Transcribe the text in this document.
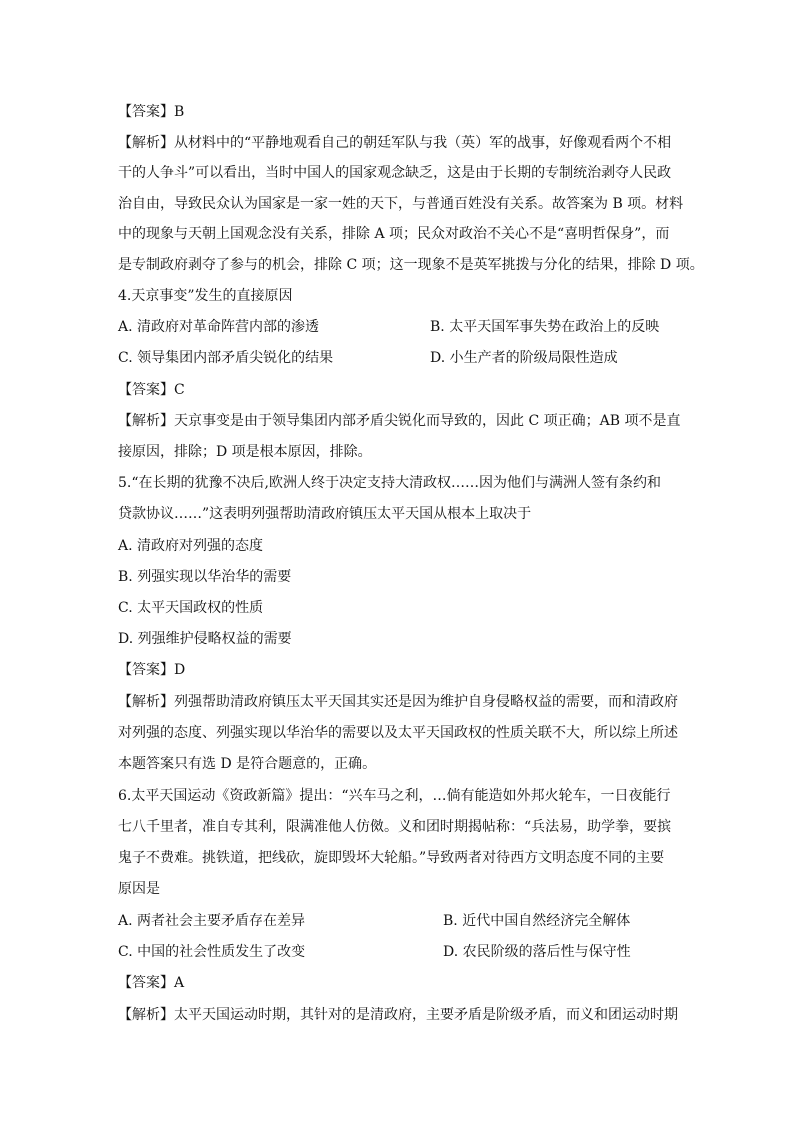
【答案】B
【解析】从材料中的“平静地观看自己的朝廷军队与我（英）军的战事，好像观看两个不相
干的人争斗”可以看出，当时中国人的国家观念缺乏，这是由于长期的专制统治剥夺人民政
治自由，导致民众认为国家是一家一姓的天下，与普通百姓没有关系。故答案为 B 项。材料
中的现象与天朝上国观念没有关系，排除 A 项；民众对政治不关心不是“喜明哲保身”，而
是专制政府剥夺了参与的机会，排除 C 项；这一现象不是英军挑拨与分化的结果，排除 D 项。
4.天京事变”发生的直接原因
A. 清政府对革命阵营内部的渗透	B. 太平天国军事失势在政治上的反映
C. 领导集团内部矛盾尖锐化的结果	D. 小生产者的阶级局限性造成
【答案】C
【解析】天京事变是由于领导集团内部矛盾尖锐化而导致的，因此 C 项正确；AB 项不是直
接原因，排除；D 项是根本原因，排除。
5.“在长期的犹豫不决后,欧洲人终于决定支持大清政权……因为他们与满洲人签有条约和
贷款协议……”这表明列强帮助清政府镇压太平天国从根本上取决于
A. 清政府对列强的态度
B. 列强实现以华治华的需要
C. 太平天国政权的性质
D. 列强维护侵略权益的需要
【答案】D
【解析】列强帮助清政府镇压太平天国其实还是因为维护自身侵略权益的需要，而和清政府
对列强的态度、列强实现以华治华的需要以及太平天国政权的性质关联不大，所以综上所述
本题答案只有选 D 是符合题意的，正确。
6.太平天国运动《资政新篇》提出：“兴车马之利，…倘有能造如外邦火轮车，一日夜能行
七八千里者，准自专其利，限满准他人仿傚。义和团时期揭帖称：“兵法易，助学拳，要摈
鬼子不费难。挑铁道，把线砍，旋即毁坏大轮船。”导致两者对待西方文明态度不同的主要
原因是
A. 两者社会主要矛盾存在差异	B. 近代中国自然经济完全解体
C. 中国的社会性质发生了改变	D. 农民阶级的落后性与保守性
【答案】A
【解析】太平天国运动时期，其针对的是清政府，主要矛盾是阶级矛盾，而义和团运动时期
